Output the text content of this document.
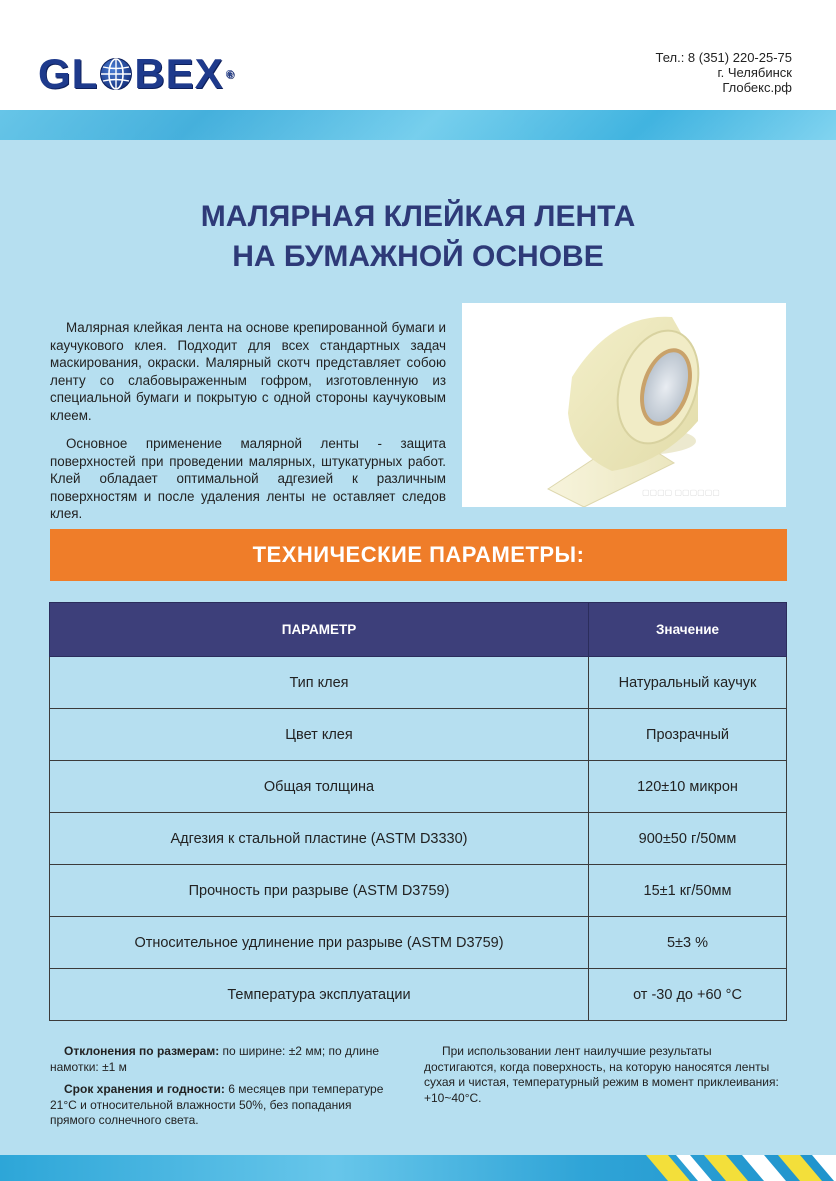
GL BEX ®
Тел.: 8 (351) 220-25-75
г. Челябинск
Глобекс.рф
МАЛЯРНАЯ КЛЕЙКАЯ ЛЕНТА
НА БУМАЖНОЙ ОСНОВЕ

Малярная клейкая лента на основе крепированной бумаги и каучукового клея. Подходит для всех стандартных задач маскирования, окраски. Малярный скотч представляет собою ленту со слабовыраженным гофром, изготовленную из специальной бумаги и покрытую с одной стороны каучуковым клеем.

Основное применение малярной ленты - защита поверхностей при проведении малярных, штукатурных работ. Клей обладает оптимальной адгезией к различным поверхностям и после удаления ленты не оставляет следов клея.

▢▢▢▢ ▢▢▢▢▢▢
ТЕХНИЧЕСКИЕ ПАРАМЕТРЫ:
ПАРАМЕТР	Значение
Тип клея	Натуральный каучук
Цвет клея	Прозрачный
Общая толщина	120±10 микрон
Адгезия к стальной пластине (ASTM D3330)	900±50 г/50мм
Прочность при разрыве (ASTM D3759)	15±1 кг/50мм
Относительное удлинение при разрыве (ASTM D3759)	5±3 %
Температура эксплуатации	от -30 до +60 °С

Отклонения по размерам: по ширине: ±2 мм; по длине намотки: ±1 м

Срок хранения и годности: 6 месяцев при температуре 21°С и относительной влажности 50%, без попадания прямого солнечного света.

При использовании лент наилучшие результаты достигаются, когда поверхность, на которую наносятся ленты сухая и чистая, температурный режим в момент приклеивания: +10~40°С.
